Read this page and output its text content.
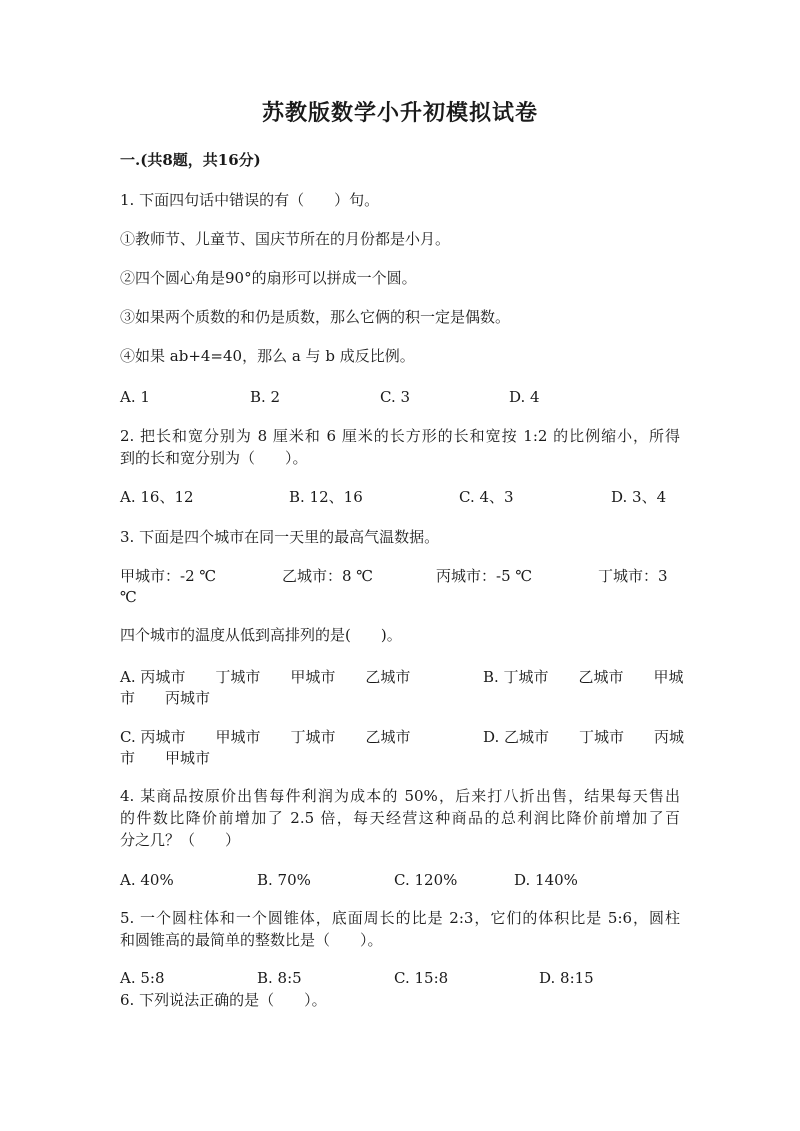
苏教版数学小升初模拟试卷
一.(共8题，共16分)
1. 下面四句话中错误的有（　　）句。
①教师节、儿童节、国庆节所在的月份都是小月。
②四个圆心角是90°的扇形可以拼成一个圆。
③如果两个质数的和仍是质数，那么它俩的积一定是偶数。
④如果 ab+4=40，那么 a 与 b 成反比例。
A. 1	B. 2	C. 3	D. 4
2. 把长和宽分别为 8 厘米和 6 厘米的长方形的长和宽按 1:2 的比例缩小，所得
到的长和宽分别为（　　）。
A. 16、12	B. 12、16	C. 4、3	D. 3、4
3. 下面是四个城市在同一天里的最高气温数据。
甲城市：-2 ℃	乙城市：8 ℃	丙城市：-5 ℃	丁城市：3
℃
四个城市的温度从低到高排列的是(　　)。
A. 丙城市　　丁城市　　甲城市　　乙城市	B. 丁城市　　乙城市　　甲城
市　　丙城市
C. 丙城市　　甲城市　　丁城市　　乙城市	D. 乙城市　　丁城市　　丙城
市　　甲城市
4. 某商品按原价出售每件利润为成本的 50%，后来打八折出售，结果每天售出
的件数比降价前增加了 2.5 倍，每天经营这种商品的总利润比降价前增加了百
分之几？（　　）
A. 40%	B. 70%	C. 120%	D. 140%
5. 一个圆柱体和一个圆锥体，底面周长的比是 2:3，它们的体积比是 5:6，圆柱
和圆锥高的最简单的整数比是（　　）。
A. 5:8	B. 8:5	C. 15:8	D. 8:15
6. 下列说法正确的是（　　）。
